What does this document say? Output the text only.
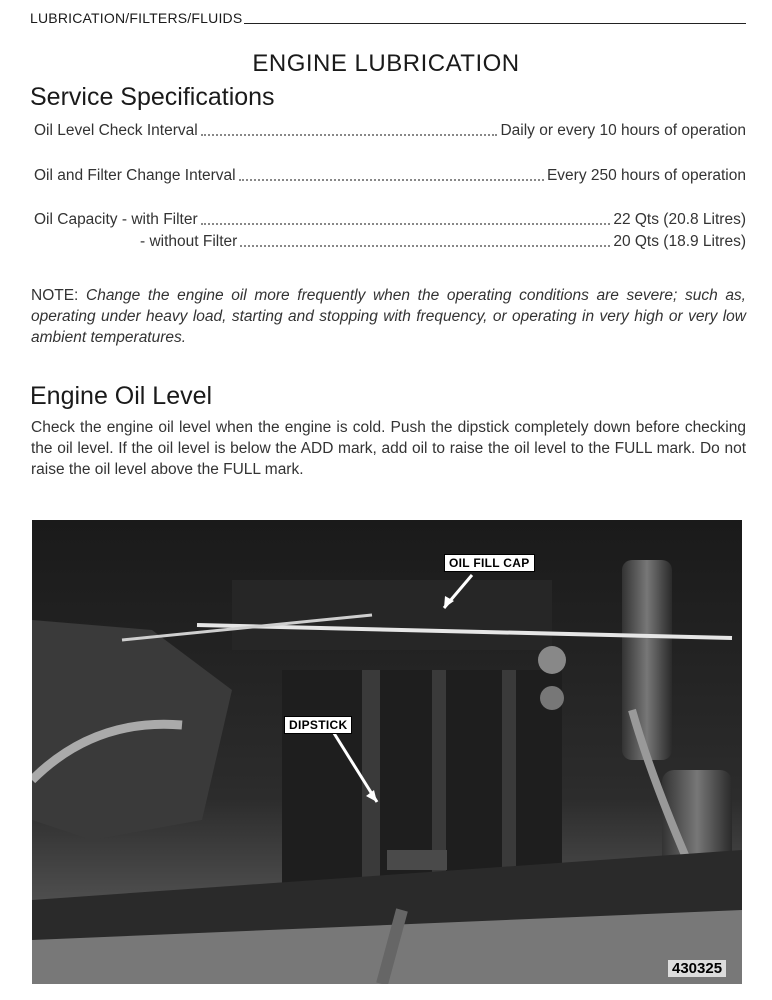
LUBRICATION/FILTERS/FLUIDS
ENGINE LUBRICATION
Service Specifications
Oil Level Check Interval	Daily or every 10 hours of operation
Oil and Filter Change Interval	Every 250 hours of operation
Oil Capacity - with Filter	22 Qts (20.8 Litres)
- without Filter	20 Qts (18.9 Litres)
NOTE: Change the engine oil more frequently when the operating conditions are severe; such as, operating under heavy load, starting and stopping with frequency, or operating in very high or very low ambient temperatures.
Engine Oil Level
Check the engine oil level when the engine is cold. Push the dipstick completely down before checking the oil level. If the oil level is below the ADD mark, add oil to raise the oil level to the FULL mark. Do not raise the oil level above the FULL mark.
OIL FILL CAP
DIPSTICK
430325
